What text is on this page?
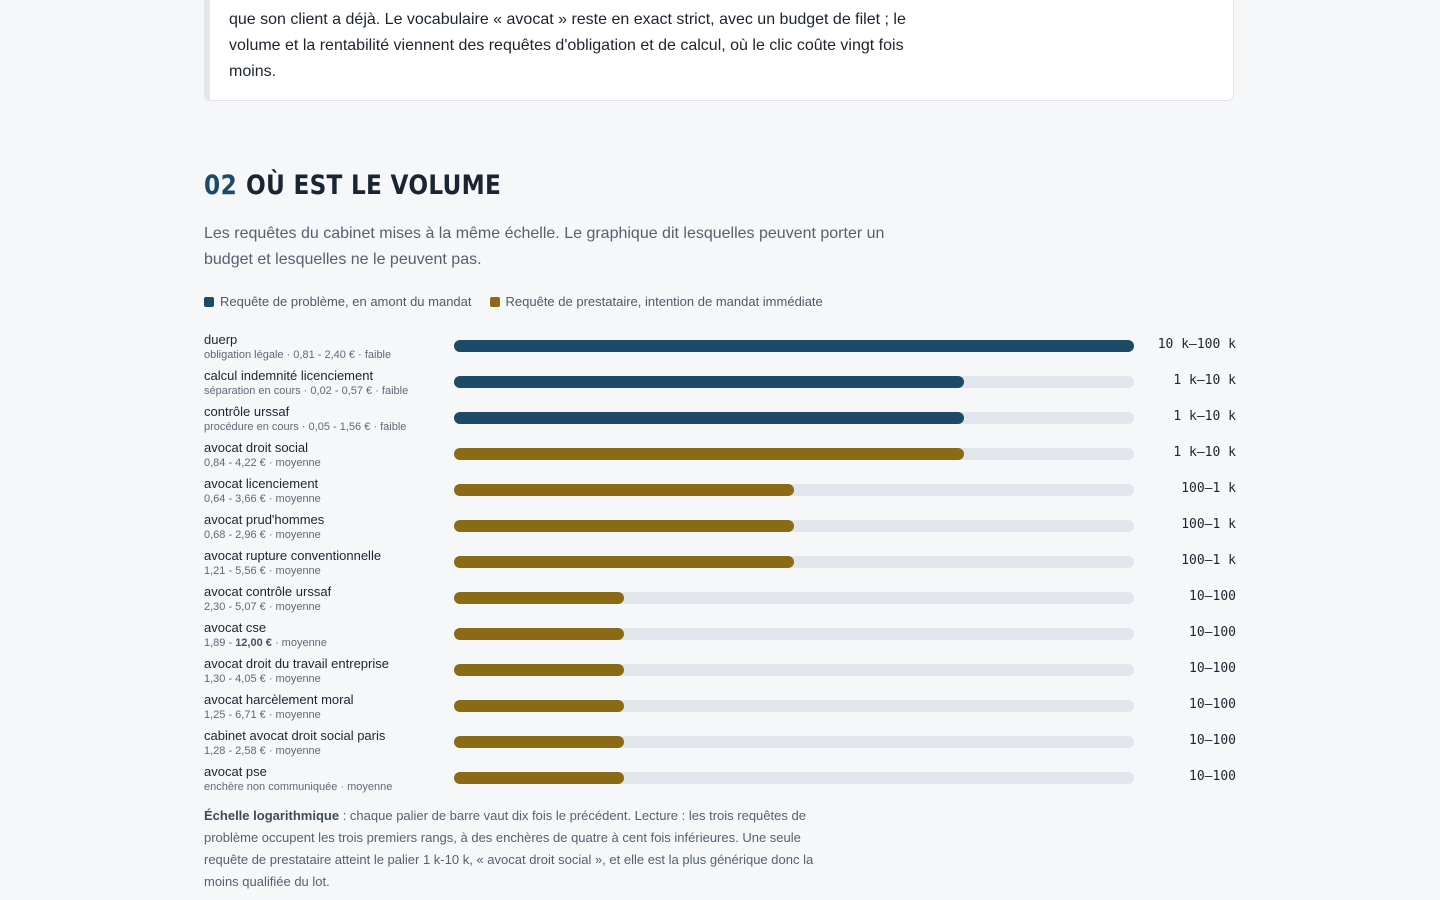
que son client a déjà. Le vocabulaire « avocat » reste en exact strict, avec un budget de filet ; le volume et la rentabilité viennent des requêtes d'obligation et de calcul, où le clic coûte vingt fois moins.

02 OÙ EST LE VOLUME

Les requêtes du cabinet mises à la même échelle. Le graphique dit lesquelles peuvent porter un budget et lesquelles ne le peuvent pas.

Requête de problème, en amont du mandat	Requête de prestataire, intention de mandat immédiate
duerp
obligation légale · 0,81 - 2,40 € · faible
10 k–100 k
calcul indemnité licenciement
séparation en cours · 0,02 - 0,57 € · faible
1 k–10 k
contrôle urssaf
procédure en cours · 0,05 - 1,56 € · faible
1 k–10 k
avocat droit social
0,84 - 4,22 € · moyenne
1 k–10 k
avocat licenciement
0,64 - 3,66 € · moyenne
100–1 k
avocat prud'hommes
0,68 - 2,96 € · moyenne
100–1 k
avocat rupture conventionnelle
1,21 - 5,56 € · moyenne
100–1 k
avocat contrôle urssaf
2,30 - 5,07 € · moyenne
10–100
avocat cse
1,89 - 12,00 € · moyenne
10–100
avocat droit du travail entreprise
1,30 - 4,05 € · moyenne
10–100
avocat harcèlement moral
1,25 - 6,71 € · moyenne
10–100
cabinet avocat droit social paris
1,28 - 2,58 € · moyenne
10–100
avocat pse
enchère non communiquée · moyenne
10–100

Échelle logarithmique : chaque palier de barre vaut dix fois le précédent. Lecture : les trois requêtes de problème occupent les trois premiers rangs, à des enchères de quatre à cent fois inférieures. Une seule requête de prestataire atteint le palier 1 k-10 k, « avocat droit social », et elle est la plus générique donc la moins qualifiée du lot.
